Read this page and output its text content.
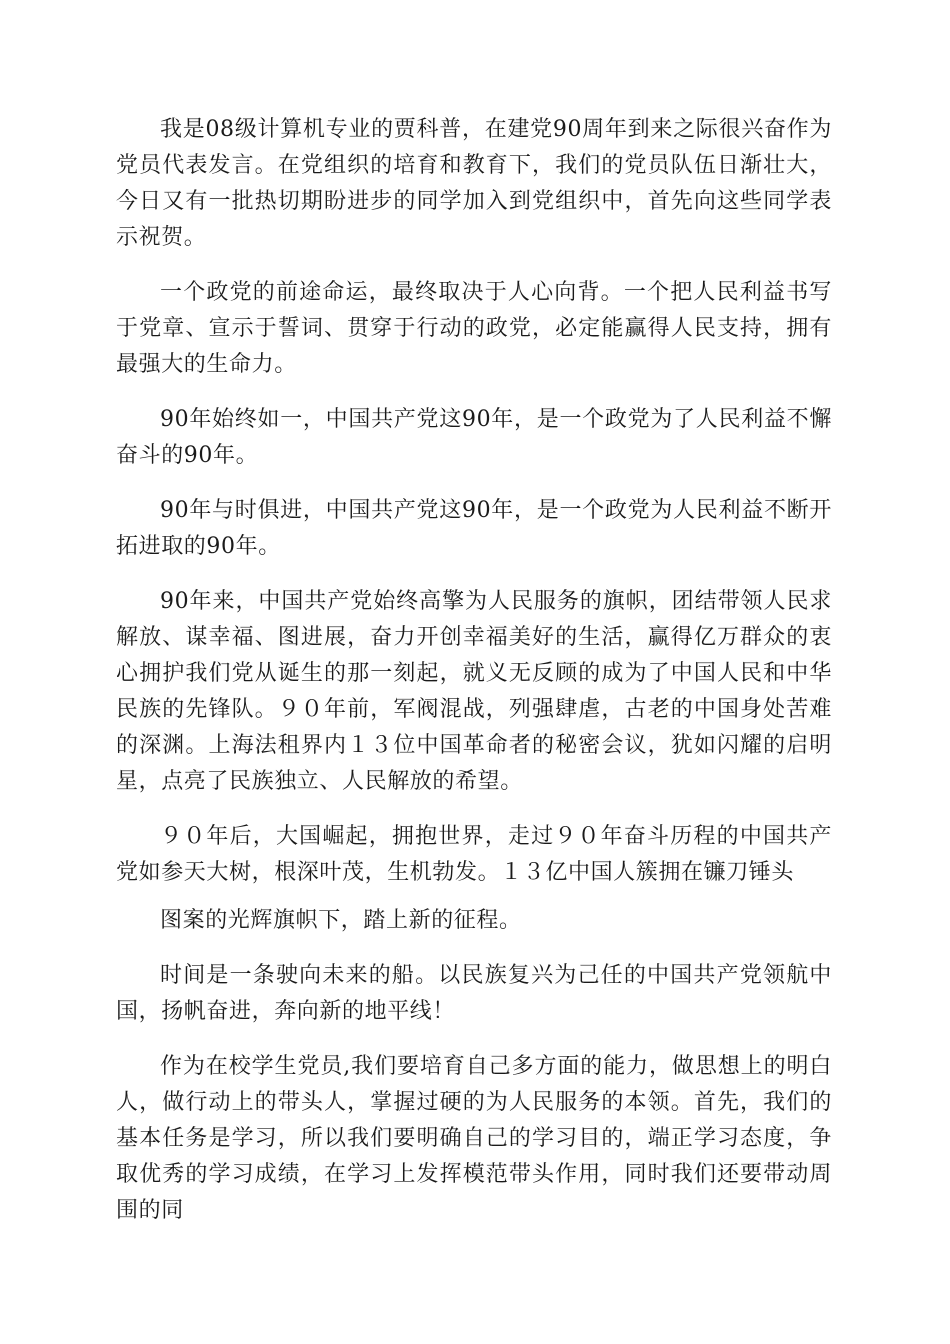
我是08级计算机专业的贾科普，在建党90周年到来之际很兴奋作为党员代表发言。在党组织的培育和教育下，我们的党员队伍日渐壮大，今日又有一批热切期盼进步的同学加入到党组织中，首先向这些同学表示祝贺。

一个政党的前途命运，最终取决于人心向背。一个把人民利益书写于党章、宣示于誓词、贯穿于行动的政党，必定能赢得人民支持，拥有最强大的生命力。

90年始终如一，中国共产党这90年，是一个政党为了人民利益不懈奋斗的90年。

90年与时俱进，中国共产党这90年，是一个政党为人民利益不断开拓进取的90年。

90年来，中国共产党始终高擎为人民服务的旗帜，团结带领人民求解放、谋幸福、图进展，奋力开创幸福美好的生活，赢得亿万群众的衷心拥护我们党从诞生的那一刻起，就义无反顾的成为了中国人民和中华民族的先锋队。９０年前，军阀混战，列强肆虐，古老的中国身处苦难的深渊。上海法租界内１３位中国革命者的秘密会议，犹如闪耀的启明星，点亮了民族独立、人民解放的希望。

９０年后，大国崛起，拥抱世界，走过９０年奋斗历程的中国共产党如参天大树，根深叶茂，生机勃发。１３亿中国人簇拥在镰刀锤头

图案的光辉旗帜下，踏上新的征程。

时间是一条驶向未来的船。以民族复兴为己任的中国共产党领航中国，扬帆奋进，奔向新的地平线！

作为在校学生党员,我们要培育自己多方面的能力，做思想上的明白人，做行动上的带头人，掌握过硬的为人民服务的本领。首先，我们的基本任务是学习，所以我们要明确自己的学习目的，端正学习态度，争取优秀的学习成绩，在学习上发挥模范带头作用，同时我们还要带动周围的同
